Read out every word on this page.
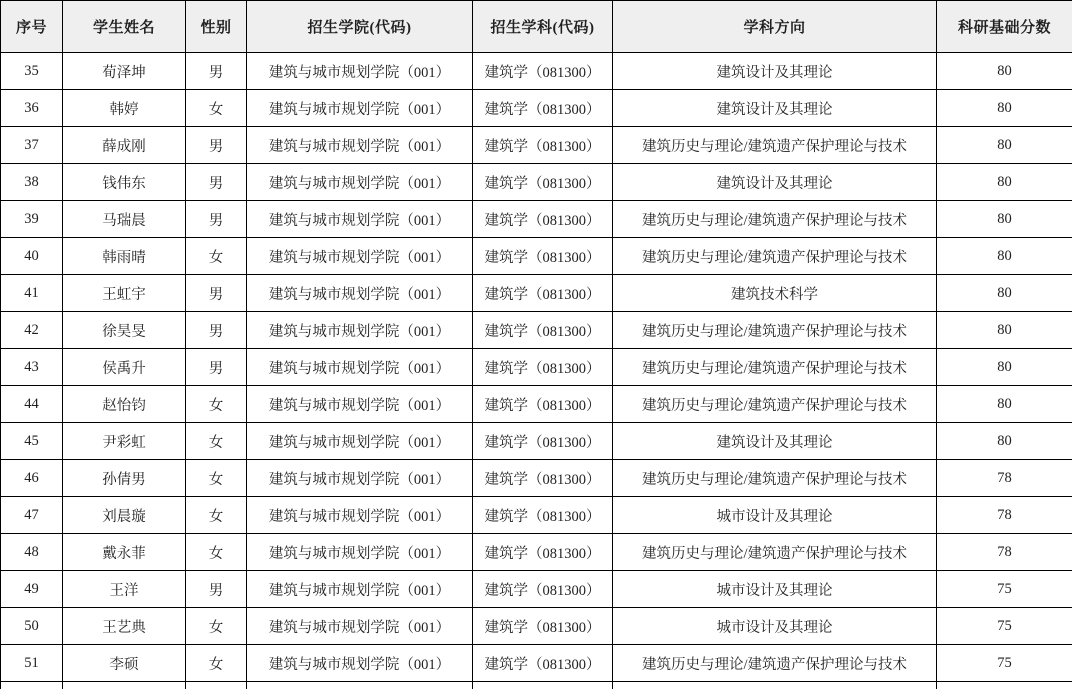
序号	学生姓名	性别	招生学院(代码)	招生学科(代码)	学科方向	科研基础分数
35	荀泽坤	男	建筑与城市规划学院（001）	建筑学（081300）	建筑设计及其理论	80
36	韩婷	女	建筑与城市规划学院（001）	建筑学（081300）	建筑设计及其理论	80
37	薛成刚	男	建筑与城市规划学院（001）	建筑学（081300）	建筑历史与理论/建筑遗产保护理论与技术	80
38	钱伟东	男	建筑与城市规划学院（001）	建筑学（081300）	建筑设计及其理论	80
39	马瑞晨	男	建筑与城市规划学院（001）	建筑学（081300）	建筑历史与理论/建筑遗产保护理论与技术	80
40	韩雨晴	女	建筑与城市规划学院（001）	建筑学（081300）	建筑历史与理论/建筑遗产保护理论与技术	80
41	王虹宇	男	建筑与城市规划学院（001）	建筑学（081300）	建筑技术科学	80
42	徐昊旻	男	建筑与城市规划学院（001）	建筑学（081300）	建筑历史与理论/建筑遗产保护理论与技术	80
43	侯禹升	男	建筑与城市规划学院（001）	建筑学（081300）	建筑历史与理论/建筑遗产保护理论与技术	80
44	赵怡钧	女	建筑与城市规划学院（001）	建筑学（081300）	建筑历史与理论/建筑遗产保护理论与技术	80
45	尹彩虹	女	建筑与城市规划学院（001）	建筑学（081300）	建筑设计及其理论	80
46	孙倩男	女	建筑与城市规划学院（001）	建筑学（081300）	建筑历史与理论/建筑遗产保护理论与技术	78
47	刘晨璇	女	建筑与城市规划学院（001）	建筑学（081300）	城市设计及其理论	78
48	戴永菲	女	建筑与城市规划学院（001）	建筑学（081300）	建筑历史与理论/建筑遗产保护理论与技术	78
49	王洋	男	建筑与城市规划学院（001）	建筑学（081300）	城市设计及其理论	75
50	王艺典	女	建筑与城市规划学院（001）	建筑学（081300）	城市设计及其理论	75
51	李硕	女	建筑与城市规划学院（001）	建筑学（081300）	建筑历史与理论/建筑遗产保护理论与技术	75
